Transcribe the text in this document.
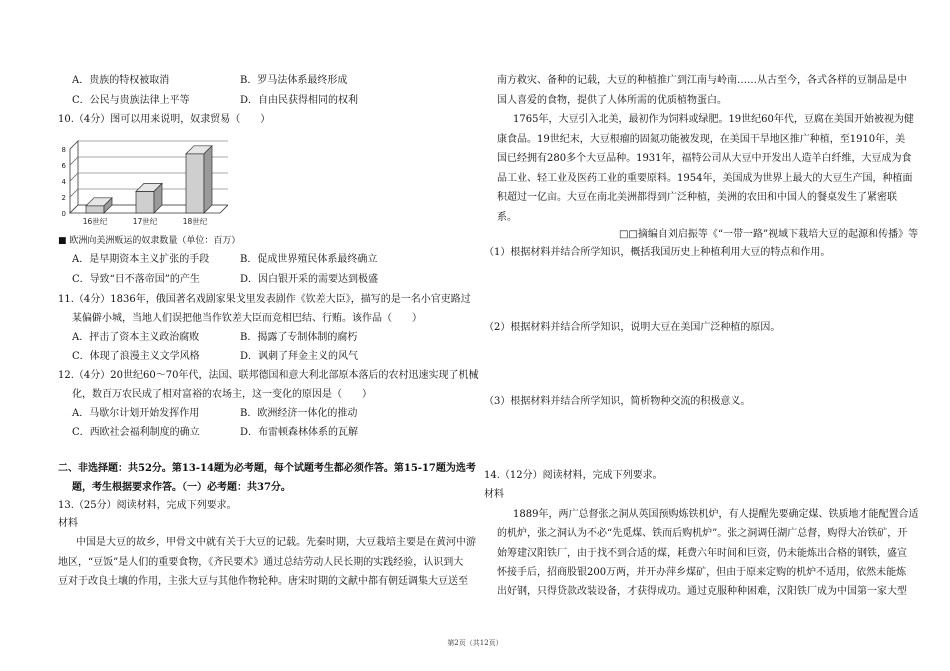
A．贵族的特权被取消	B．罗马法体系最终形成
C．公民与贵族法律上平等	D．自由民获得相同的权利
10.（4分）图可以用来说明，奴隶贸易（　　）
0
2
4
6
8
16世纪	17世纪	18世纪
■ 欧洲向美洲贩运的奴隶数量（单位：百万）
A．是早期资本主义扩张的手段	B．促成世界殖民体系最终确立
C．导致“日不落帝国”的产生	D．因白银开采的需要达到极盛
11.（4分）1836年，俄国著名戏剧家果戈里发表剧作《钦差大臣》，描写的是一名小官吏路过
某偏僻小城，当地人们误把他当作钦差大臣而竞相巴结、行贿。该作品（　　）
A．抨击了资本主义政治腐败	B．揭露了专制体制的腐朽
C．体现了浪漫主义文学风格	D．讽刺了拜金主义的风气
12.（4分）20世纪60～70年代，法国、联邦德国和意大利北部原本落后的农村迅速实现了机械
化，数百万农民成了相对富裕的农场主，这一变化的原因是（　　）
A．马歇尔计划开始发挥作用	B．欧洲经济一体化的推动
C．西欧社会福利制度的确立	D．布雷顿森林体系的瓦解
二、非选择题：共52分。第13-14题为必考题，每个试题考生都必须作答。第15-17题为选考
题，考生根据要求作答。（一）必考题：共37分。
13.（25分）阅读材料，完成下列要求。
材料
中国是大豆的故乡，甲骨文中就有关于大豆的记载。先秦时期，大豆栽培主要是在黄河中游
地区，“豆饭”是人们的重要食物，《齐民要术》通过总结劳动人民长期的实践经验，认识到大
豆对于改良土壤的作用，主张大豆与其他作物轮种。唐宋时期的文献中都有朝廷调集大豆送至
南方救灾、备种的记载，大豆的种植推广到江南与岭南……从古至今，各式各样的豆制品是中
国人喜爱的食物，提供了人体所需的优质植物蛋白。
1765年，大豆引入北美，最初作为饲料或绿肥。19世纪60年代，豆腐在美国开始被视为健
康食品。19世纪末，大豆根瘤的固氮功能被发现，在美国干旱地区推广种植，至1910年，美
国已经拥有280多个大豆品种。1931年，福特公司从大豆中开发出人造羊白纤维，大豆成为食
品工业、轻工业及医药工业的重要原料。1954年，美国成为世界上最大的大豆生产国，种植面
积超过一亿亩。大豆在南北美洲都得到广泛种植，美洲的农田和中国人的餐桌发生了紧密联
系。
□□摘编自刘启振等《“一带一路”视域下栽培大豆的起源和传播》等
（1）根据材料并结合所学知识，概括我国历史上种植利用大豆的特点和作用。
（2）根据材料并结合所学知识，说明大豆在美国广泛种植的原因。
（3）根据材料并结合所学知识，简析物种交流的积极意义。
14.（12分）阅读材料，完成下列要求。
材料
1889年，两广总督张之洞从英国预购炼铁机炉，有人提醒先要确定煤、铁质地才能配置合适
的机炉，张之洞认为不必“先觅煤、铁而后购机炉”。张之洞调任湖广总督，购得大冶铁矿，开
始筹建汉阳铁厂，由于找不到合适的煤，耗费六年时间和巨资，仍未能炼出合格的钢铁，盛宣
怀接手后，招商股银200万两，并开办萍乡煤矿，但由于原来定购的机炉不适用，依然未能炼
出好钢，只得贷款改装设备，才获得成功。通过克服种种困难，汉阳铁厂成为中国第一家大型
第2页（共12页）
